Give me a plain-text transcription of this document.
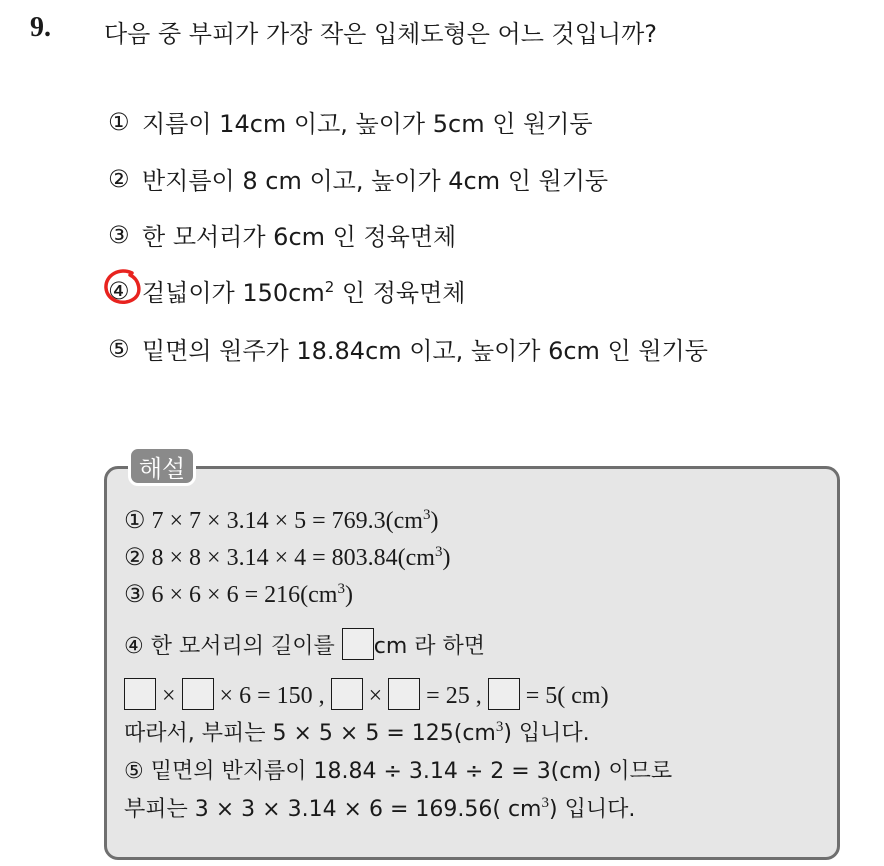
9. 다음 중 부피가 가장 작은 입체도형은 어느 것입니까?
① 지름이 14cm 이고, 높이가 5cm 인 원기둥
② 반지름이 8 cm 이고, 높이가 4cm 인 원기둥
③ 한 모서리가 6cm 인 정육면체
④ 겉넓이가 $150cm^2$ 인 정육면체
⑤ 밑면의 원주가 18.84cm 이고, 높이가 6cm 인 원기둥
해설
① $7 \times 7 \times 3.14 \times 5 = 769.3(cm^3)$
② $8 \times 8 \times 3.14 \times 4 = 803.84(cm^3)$
③ $6 \times 6 \times 6 = 216(cm^3)$
④ 한 모서리의 길이를 cm 라 하면
×  × 6 = 150 ,  ×  = 25 ,  = 5( cm)
따라서, 부피는 $5 \times 5 \times 5 = 125(cm^3)$ 입니다.
⑤ 밑면의 반지름이 18.84 ÷ 3.14 ÷ 2 = 3(cm) 이므로
부피는 3 × 3 × 3.14 × 6 = 169.56( $cm^3$) 입니다.
